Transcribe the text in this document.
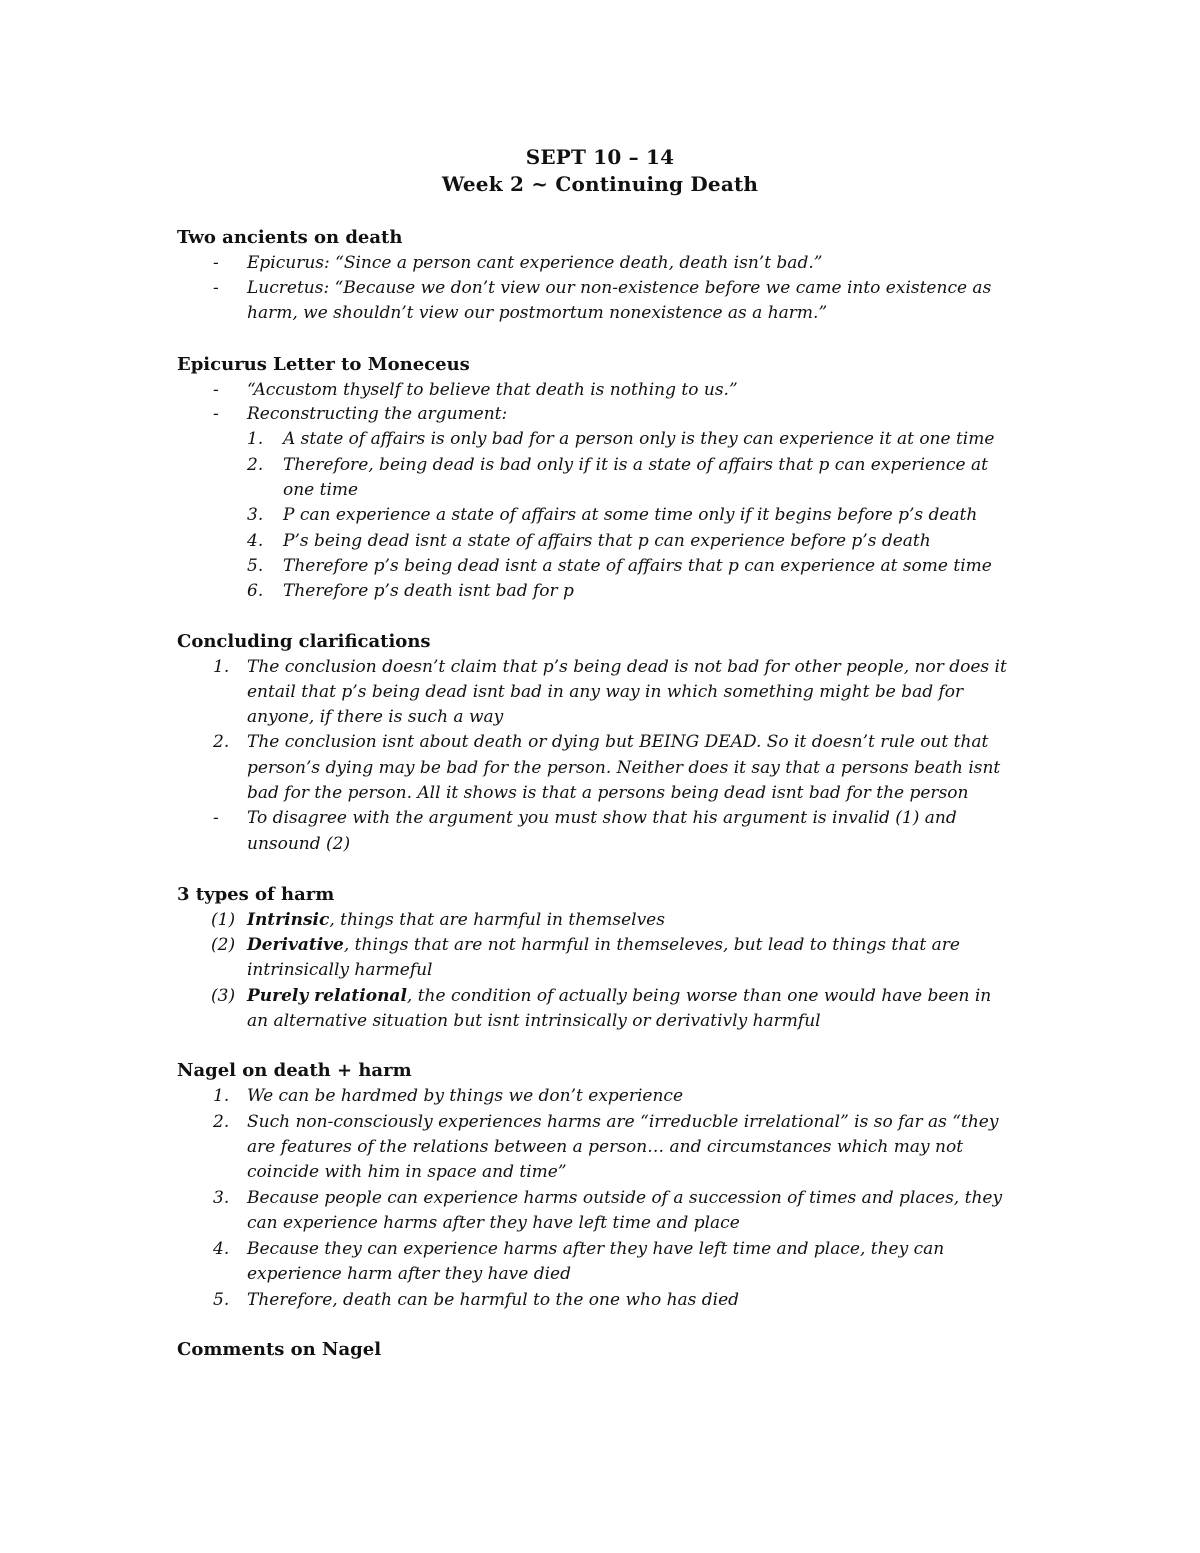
SEPT 10 – 14
Week 2 ~ Continuing Death
Two ancients on death
- Epicurus: “Since a person cant experience death, death isn’t bad.”
- Lucretus: “Because we don’t view our non-existence before we came into existence as
harm, we shouldn’t view our postmortum nonexistence as a harm.”
Epicurus Letter to Moneceus
- “Accustom thyself to believe that death is nothing to us.”
- Reconstructing the argument:
1. A state of affairs is only bad for a person only is they can experience it at one time
2. Therefore, being dead is bad only if it is a state of affairs that p can experience at
one time
3. P can experience a state of affairs at some time only if it begins before p’s death
4. P’s being dead isnt a state of affairs that p can experience before p’s death
5. Therefore p’s being dead isnt a state of affairs that p can experience at some time
6. Therefore p’s death isnt bad for p
Concluding clarifications
1. The conclusion doesn’t claim that p’s being dead is not bad for other people, nor does it
entail that p’s being dead isnt bad in any way in which something might be bad for
anyone, if there is such a way
2. The conclusion isnt about death or dying but BEING DEAD. So it doesn’t rule out that
person’s dying may be bad for the person. Neither does it say that a persons beath isnt
bad for the person. All it shows is that a persons being dead isnt bad for the person
- To disagree with the argument you must show that his argument is invalid (1) and
unsound (2)
3 types of harm
(1) Intrinsic, things that are harmful in themselves
(2) Derivative, things that are not harmful in themseleves, but lead to things that are
intrinsically harmeful
(3) Purely relational, the condition of actually being worse than one would have been in
an alternative situation but isnt intrinsically or derivativly harmful
Nagel on death + harm
1. We can be hardmed by things we don’t experience
2. Such non-consciously experiences harms are “irreducble irrelational” is so far as “they
are features of the relations between a person… and circumstances which may not
coincide with him in space and time”
3. Because people can experience harms outside of a succession of times and places, they
can experience harms after they have left time and place
4. Because they can experience harms after they have left time and place, they can
experience harm after they have died
5. Therefore, death can be harmful to the one who has died
Comments on Nagel
